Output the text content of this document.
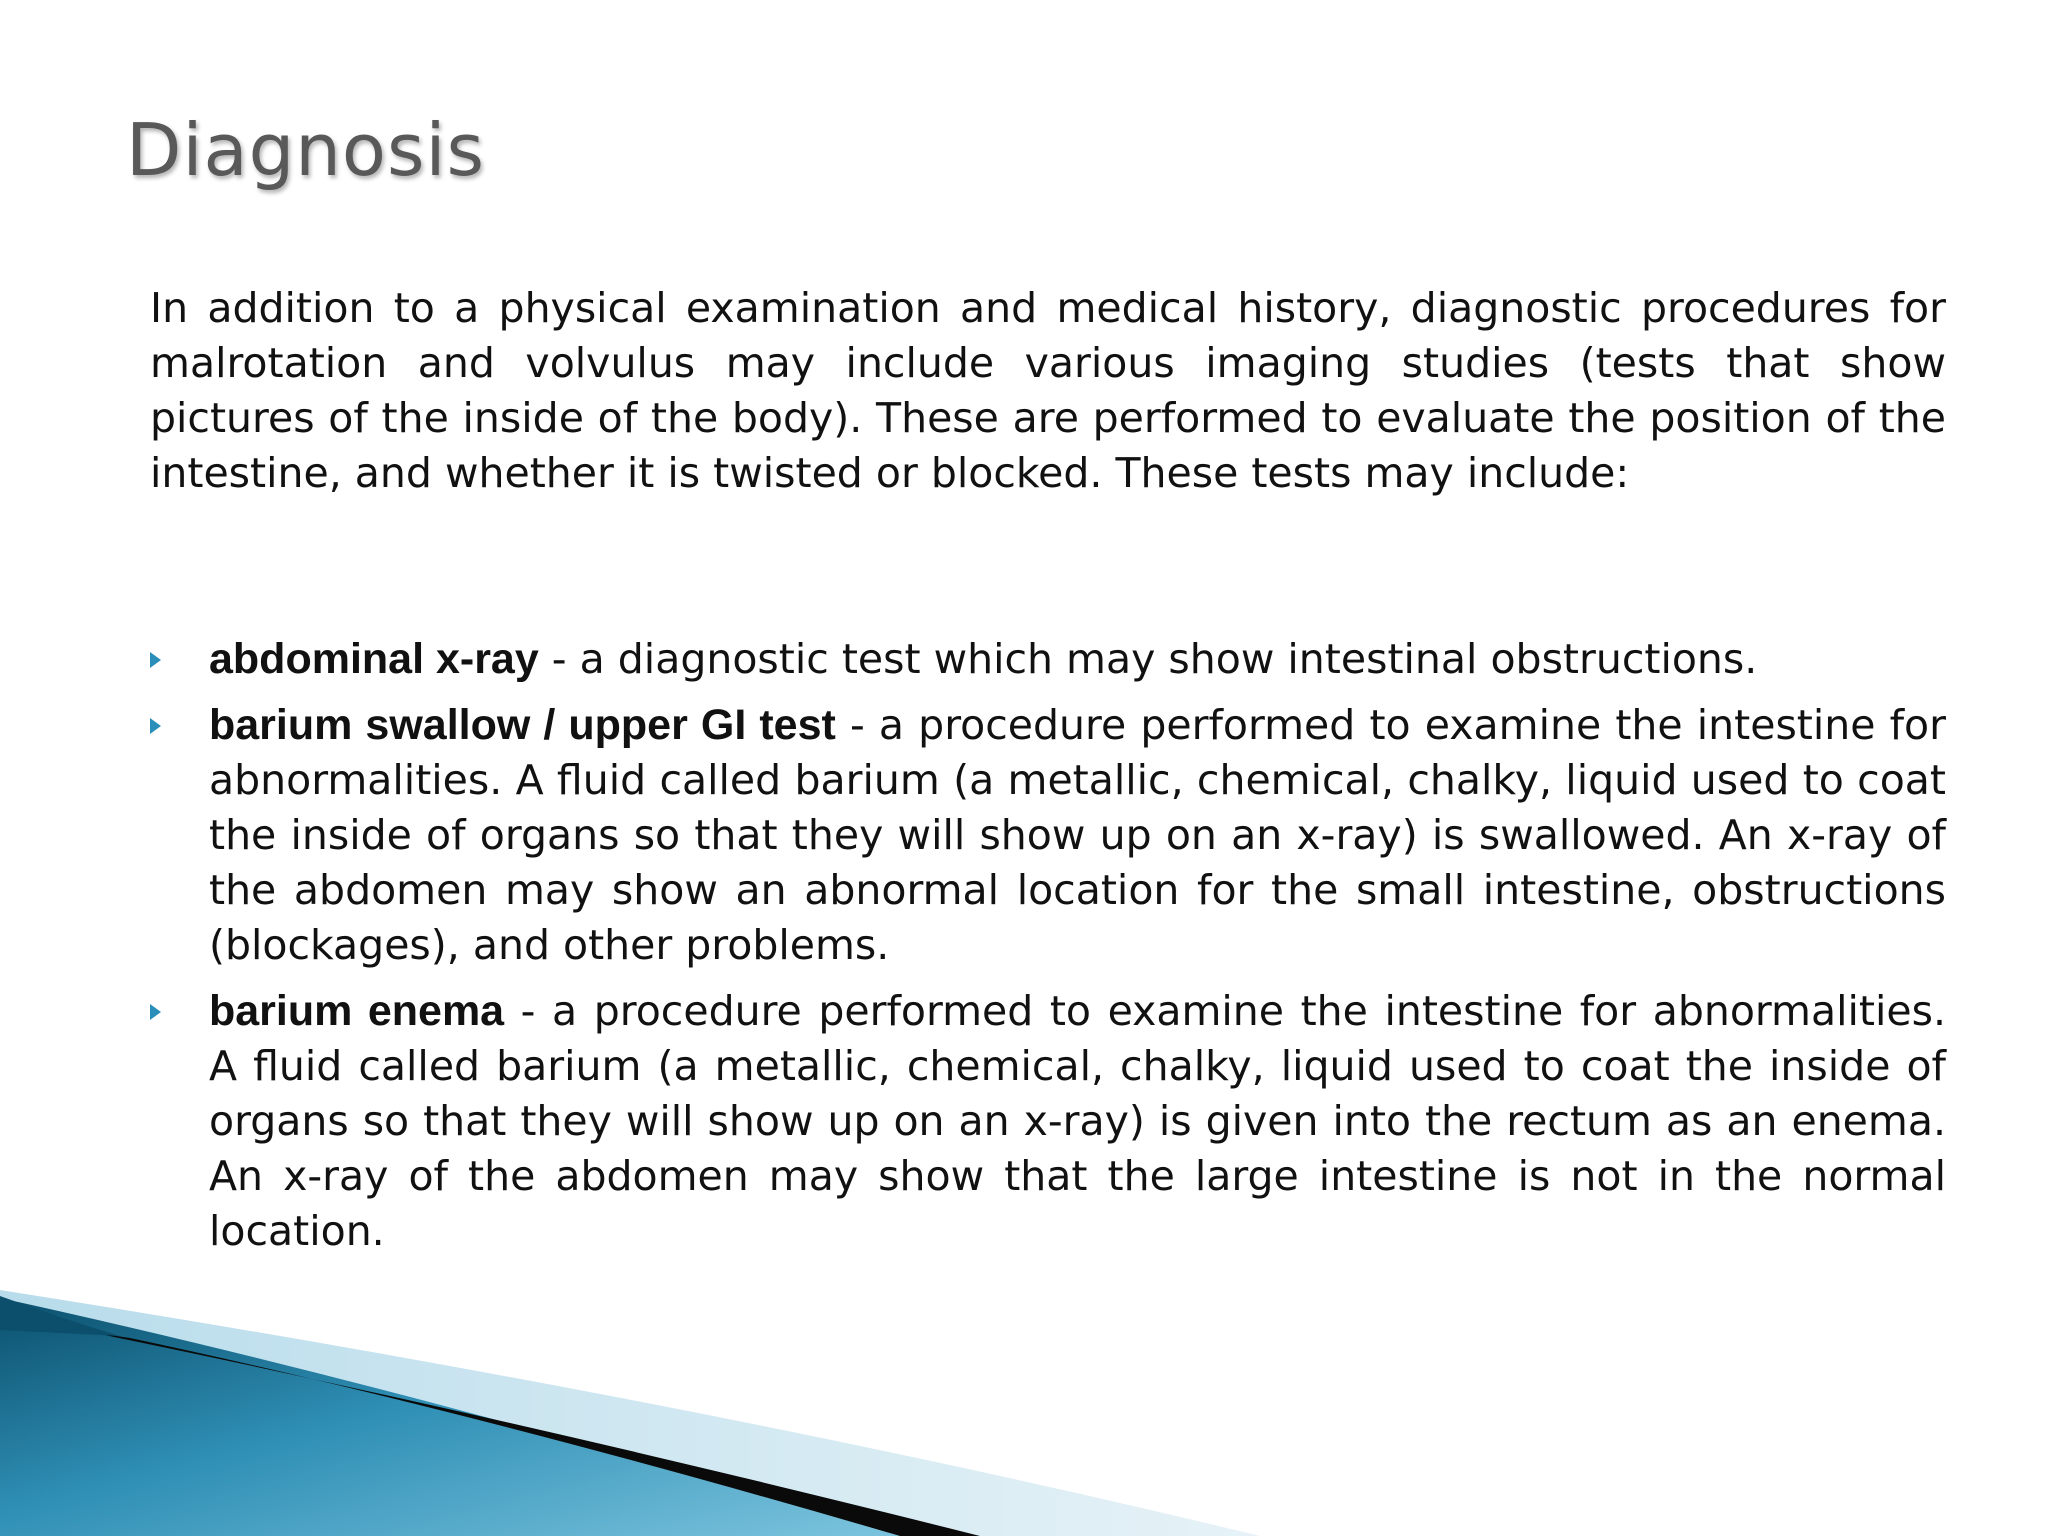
Diagnosis

In addition to a physical examination and medical history, diagnostic procedures for malrotation and volvulus may include various imaging studies (tests that show pictures of the inside of the body). These are performed to evaluate the position of the intestine, and whether it is twisted or blocked. These tests may include:

abdominal x-ray - a diagnostic test which may show intestinal obstructions.
barium swallow / upper GI test - a procedure performed to examine the intestine for abnormalities. A fluid called barium (a metallic, chemical, chalky, liquid used to coat the inside of organs so that they will show up on an x-ray) is swallowed. An x-ray of the abdomen may show an abnormal location for the small intestine, obstructions (blockages), and other problems.
barium enema - a procedure performed to examine the intestine for abnormalities. A fluid called barium (a metallic, chemical, chalky, liquid used to coat the inside of organs so that they will show up on an x-ray) is given into the rectum as an enema. An x-ray of the abdomen may show that the large intestine is not in the normal location.
